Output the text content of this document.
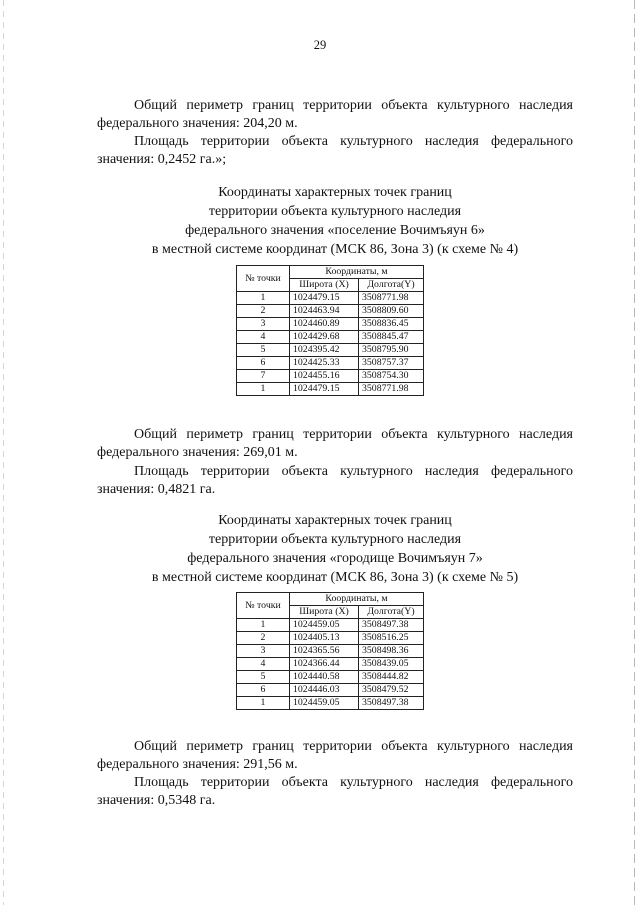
29

Общий периметр границ территории объекта культурного наследия
федерального значения: 204,20 м.

Площадь территории объекта культурного наследия федерального
значения: 0,2452 га.»;

Координаты характерных точек границ
территории объекта культурного наследия
федерального значения «поселение Вочимъяун 6»
в местной системе координат (МСК 86, Зона 3) (к схеме № 4)
№ точки	Координаты, м	
	Широта (X)	Долгота(Y)
1	1024479.15	3508771.98
2	1024463.94	3508809.60
3	1024460.89	3508836.45
4	1024429.68	3508845.47
5	1024395.42	3508795.90
6	1024425.33	3508757.37
7	1024455.16	3508754.30
1	1024479.15	3508771.98

Общий периметр границ территории объекта культурного наследия
федерального значения: 269,01 м.

Площадь территории объекта культурного наследия федерального
значения: 0,4821 га.

Координаты характерных точек границ
территории объекта культурного наследия
федерального значения «городище Вочимъяун 7»
в местной системе координат (МСК 86, Зона 3) (к схеме № 5)
№ точки	Координаты, м	
	Широта (X)	Долгота(Y)
1	1024459.05	3508497.38
2	1024405.13	3508516.25
3	1024365.56	3508498.36
4	1024366.44	3508439.05
5	1024440.58	3508444.82
6	1024446.03	3508479.52
1	1024459.05	3508497.38

Общий периметр границ территории объекта культурного наследия
федерального значения: 291,56 м.

Площадь территории объекта культурного наследия федерального
значения: 0,5348 га.
